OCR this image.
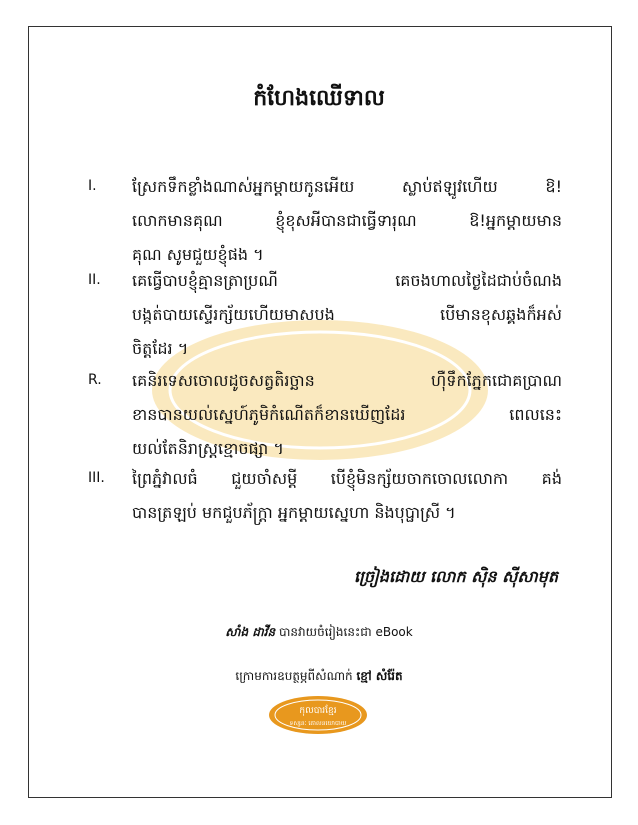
កំហែងឈើទាល
I. ស្រែកទឹកខ្លាំងណាស់អ្នកម្ដាយកូនអើយ ស្លាប់ឥឡូវហើយ ឱ!
លោកមានគុណ ខ្ញុំខុសអីបានជាធ្វើទារុណ ឱ!អ្នកម្ដាយមាន
គុណ សូមជួយខ្ញុំផង ។
II. គេធ្វើបាបខ្ញុំគ្មានត្រាប្រណី គេចងហាលថ្ងៃដៃជាប់ចំណង
បង្កត់បាយស្ទើរក្ស័យហើយមាសបង បើមានខុសឆ្គងក៏អស់
ចិត្តដែរ ។
R. គេនិរទេសចោលដូចសត្វតិរច្ឆាន ហ៊ឺទឹកភ្នែកជោគប្រាណ
ខានបានយល់ស្នេហ៍ភូមិកំណើតក៏ខានឃើញដែរ ពេលនេះ
យល់តែនិរាស្ត្រខ្មោចផ្សា ។
III. ព្រៃភ្នំវាលធំ ជួយចាំសម្ដី បើខ្ញុំមិនក្ស័យចាកចោលលោកា គង់
បានត្រឡប់ មកជួបភ័ក្ត្រា អ្នកម្ដាយស្នេហា និងបុប្ផាស្រី ។
ច្រៀងដោយ លោក ស៊ិន ស៊ីសាមុត
សាំង ដាវីន បានវាយចំរៀងនេះជា eBook
ក្រោមការឧបត្ថម្ភពីសំណាក់ ខ្មៅ សំរ៉ែត
កុលបារខ្មែរ
ទស្សនៈ គោលនយោបាយ
